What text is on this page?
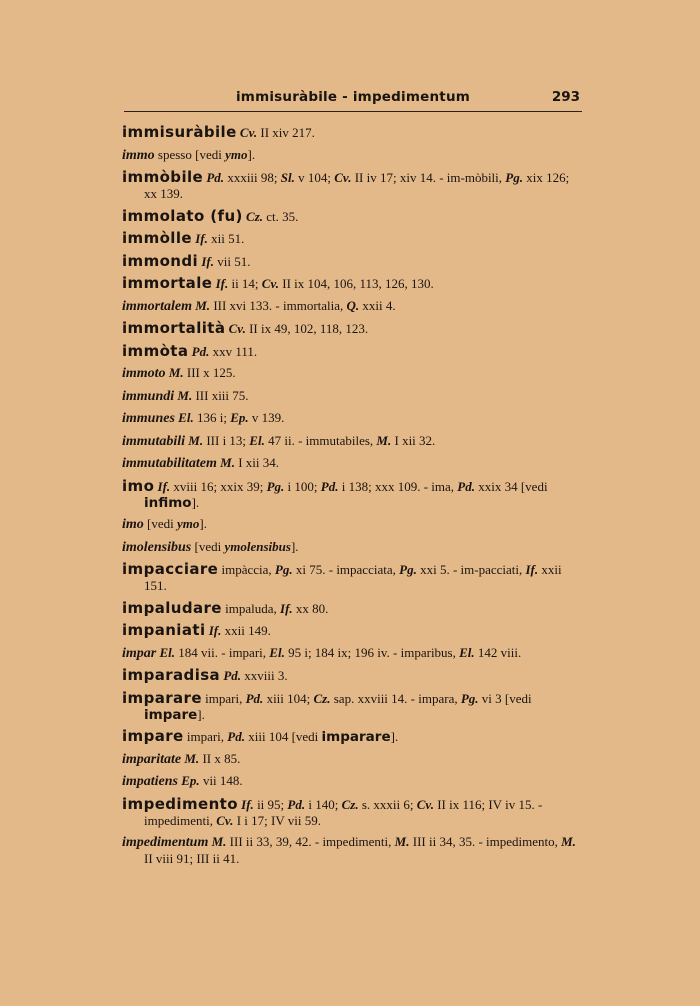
immisuràbile - impedimentum	293
immisuràbile Cv. II xiv 217.
immo spesso [vedi ymo].
immòbile Pd. xxxiii 98; Sl. v 104; Cv. II iv 17; xiv 14. - im-mòbili, Pg. xix 126; xx 139.
immolato (fu) Cz. ct. 35.
immòlle If. xii 51.
immondi If. vii 51.
immortale If. ii 14; Cv. II ix 104, 106, 113, 126, 130.
immortalem M. III xvi 133. - immortalia, Q. xxii 4.
immortalità Cv. II ix 49, 102, 118, 123.
immòta Pd. xxv 111.
immoto M. III x 125.
immundi M. III xiii 75.
immunes El. 136 i; Ep. v 139.
immutabili M. III i 13; El. 47 ii. - immutabiles, M. I xii 32.
immutabilitatem M. I xii 34.
imo If. xviii 16; xxix 39; Pg. i 100; Pd. i 138; xxx 109. - ima, Pd. xxix 34 [vedi infimo].
imo [vedi ymo].
imolensibus [vedi ymolensibus].
impacciare impàccia, Pg. xi 75. - impacciata, Pg. xxi 5. - im-pacciati, If. xxii 151.
impaludare impaluda, If. xx 80.
impaniati If. xxii 149.
impar El. 184 vii. - impari, El. 95 i; 184 ix; 196 iv. - imparibus, El. 142 viii.
imparadisa Pd. xxviii 3.
imparare impari, Pd. xiii 104; Cz. sap. xxviii 14. - impara, Pg. vi 3 [vedi impare].
impare impari, Pd. xiii 104 [vedi imparare].
imparitate M. II x 85.
impatiens Ep. vii 148.
impedimento If. ii 95; Pd. i 140; Cz. s. xxxii 6; Cv. II ix 116; IV iv 15. - impedimenti, Cv. I i 17; IV vii 59.
impedimentum M. III ii 33, 39, 42. - impedimenti, M. III ii 34, 35. - impedimento, M. II viii 91; III ii 41.
